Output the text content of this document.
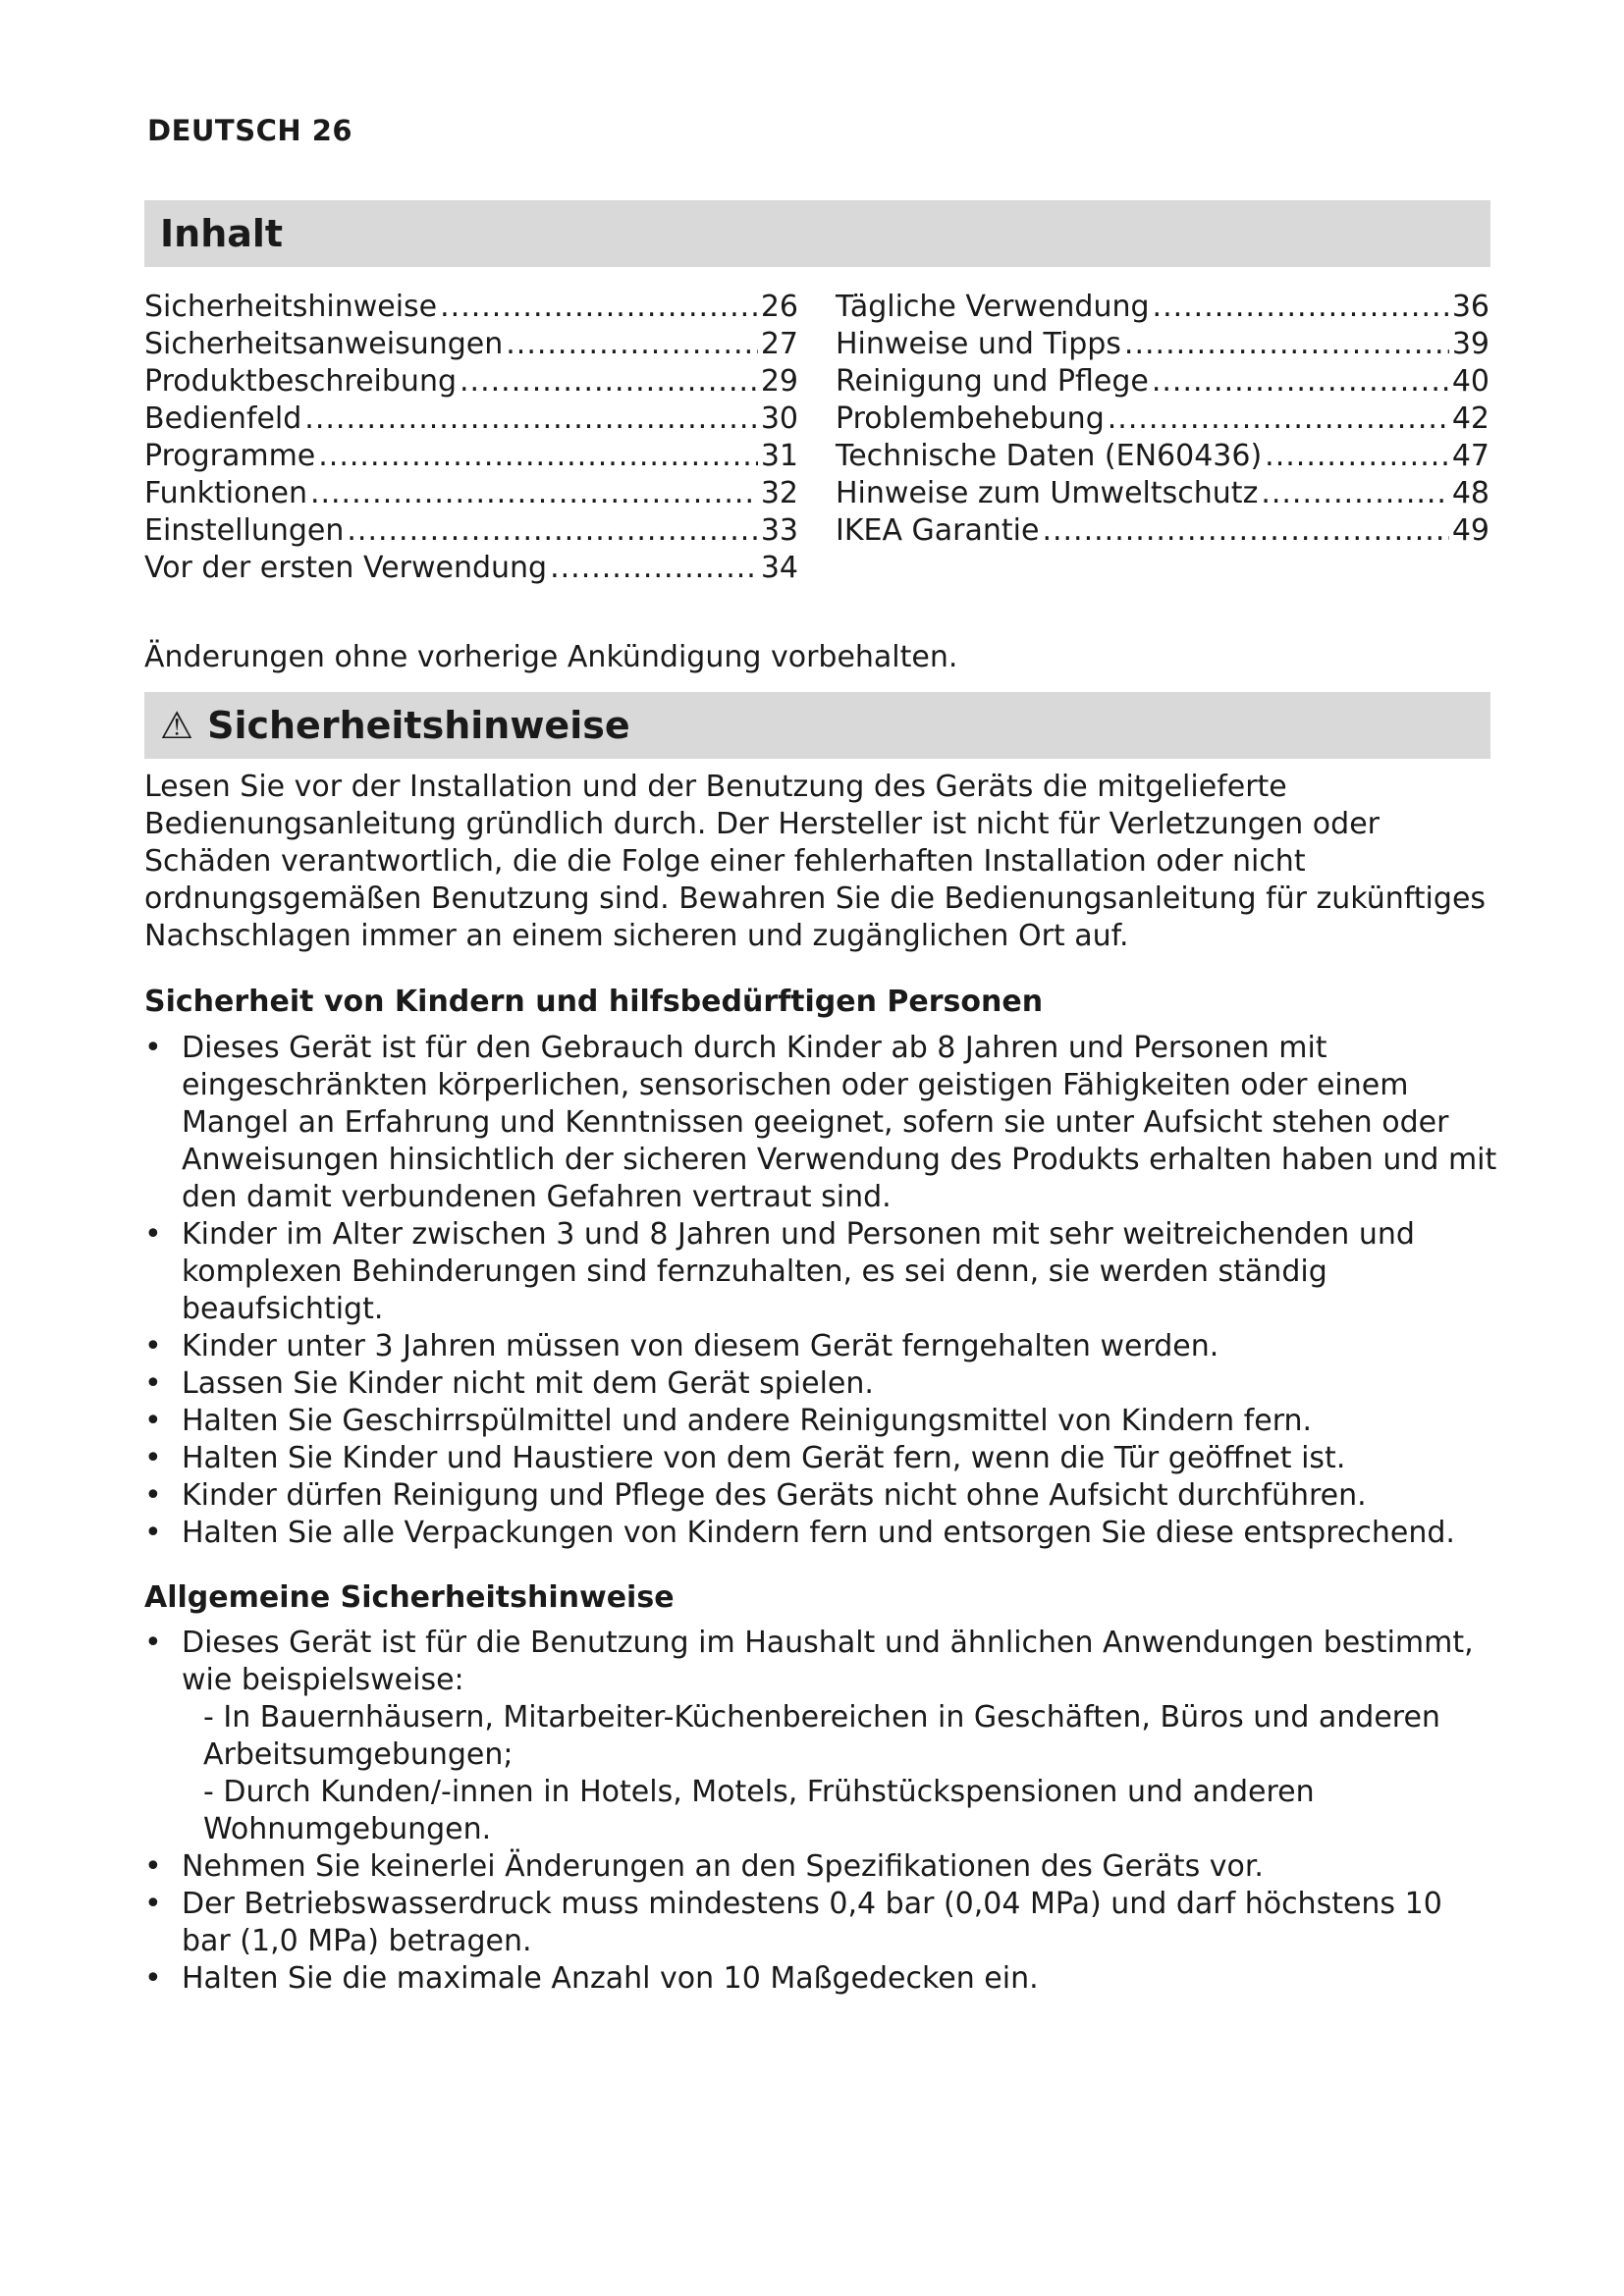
DEUTSCH 26
Inhalt
Sicherheitshinweise .....	26
Sicherheitsanweisungen .....	27
Produktbeschreibung .....	29
Bedienfeld .....	30
Programme .....	31
Funktionen .....	32
Einstellungen .....	33
Vor der ersten Verwendung .....	34
Tägliche Verwendung .....	36
Hinweise und Tipps .....	39
Reinigung und Pflege .....	40
Problembehebung .....	42
Technische Daten (EN60436) .....	47
Hinweise zum Umweltschutz .....	48
IKEA Garantie .....	49
Änderungen ohne vorherige Ankündigung vorbehalten.
⚠ Sicherheitshinweise

Lesen Sie vor der Installation und der Benutzung des Geräts die mitgelieferte Bedienungsanleitung gründlich durch. Der Hersteller ist nicht für Verletzungen oder Schäden verantwortlich, die die Folge einer fehlerhaften Installation oder nicht ordnungsgemäßen Benutzung sind. Bewahren Sie die Bedienungsanleitung für zukünftiges Nachschlagen immer an einem sicheren und zugänglichen Ort auf.

Sicherheit von Kindern und hilfsbedürftigen Personen
• Dieses Gerät ist für den Gebrauch durch Kinder ab 8 Jahren und Personen mit eingeschränkten körperlichen, sensorischen oder geistigen Fähigkeiten oder einem Mangel an Erfahrung und Kenntnissen geeignet, sofern sie unter Aufsicht stehen oder Anweisungen hinsichtlich der sicheren Verwendung des Produkts erhalten haben und mit den damit verbundenen Gefahren vertraut sind.
• Kinder im Alter zwischen 3 und 8 Jahren und Personen mit sehr weitreichenden und komplexen Behinderungen sind fernzuhalten, es sei denn, sie werden ständig beaufsichtigt.
• Kinder unter 3 Jahren müssen von diesem Gerät ferngehalten werden.
• Lassen Sie Kinder nicht mit dem Gerät spielen.
• Halten Sie Geschirrspülmittel und andere Reinigungsmittel von Kindern fern.
• Halten Sie Kinder und Haustiere von dem Gerät fern, wenn die Tür geöffnet ist.
• Kinder dürfen Reinigung und Pflege des Geräts nicht ohne Aufsicht durchführen.
• Halten Sie alle Verpackungen von Kindern fern und entsorgen Sie diese entsprechend.
Allgemeine Sicherheitshinweise
• Dieses Gerät ist für die Benutzung im Haushalt und ähnlichen Anwendungen bestimmt, wie beispielsweise:
- In Bauernhäusern, Mitarbeiter-Küchenbereichen in Geschäften, Büros und anderen Arbeitsumgebungen;
- Durch Kunden/-innen in Hotels, Motels, Frühstückspensionen und anderen Wohnumgebungen.
• Nehmen Sie keinerlei Änderungen an den Spezifikationen des Geräts vor.
• Der Betriebswasserdruck muss mindestens 0,4 bar (0,04 MPa) und darf höchstens 10 bar (1,0 MPa) betragen.
• Halten Sie die maximale Anzahl von 10 Maßgedecken ein.
